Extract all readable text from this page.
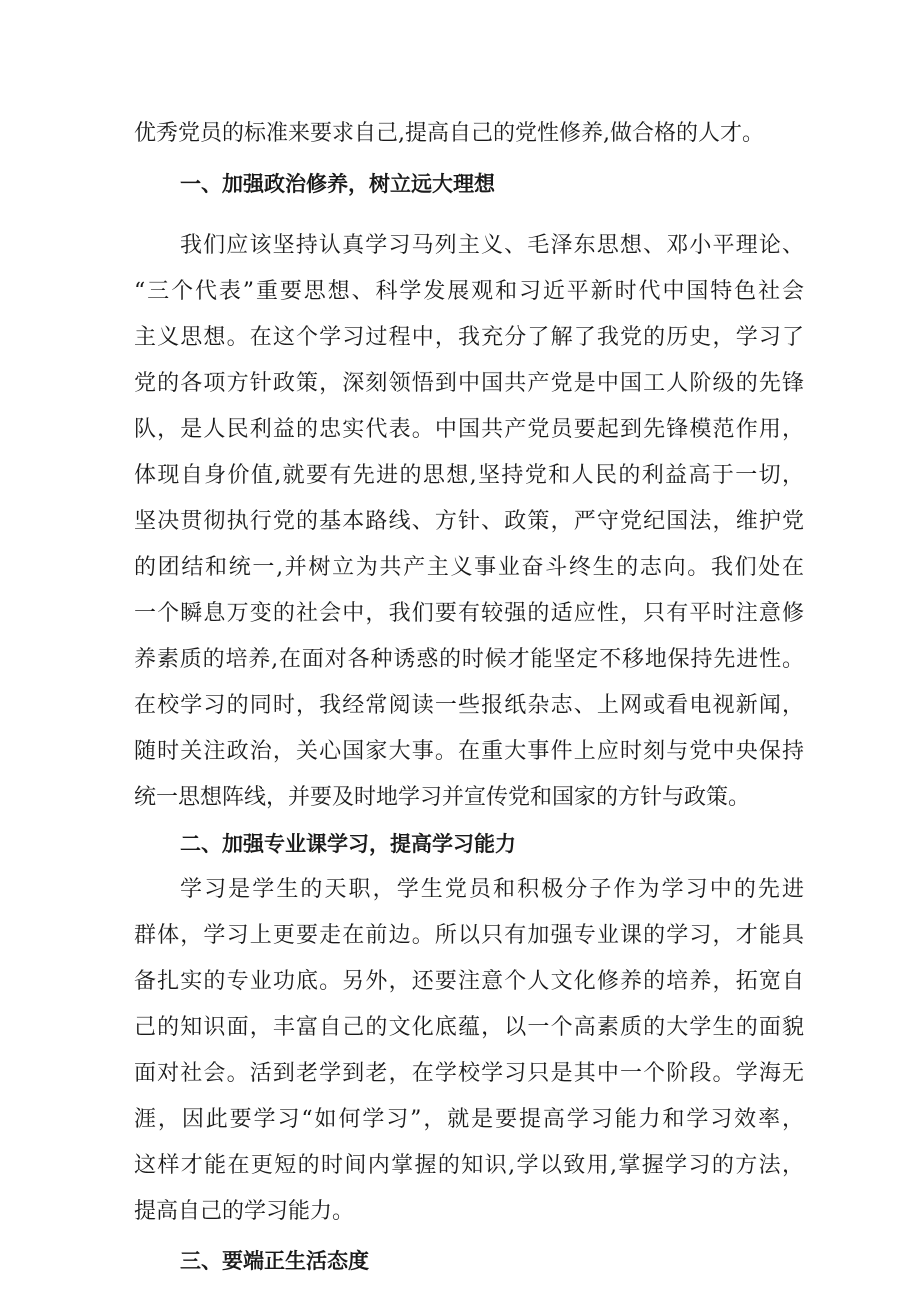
优秀党员的标准来要求自己,提高自己的党性修养,做合格的人才。
一、加强政治修养，树立远大理想
我们应该坚持认真学习马列主义、毛泽东思想、邓小平理论、
“三个代表”重要思想、科学发展观和习近平新时代中国特色社会
主义思想。在这个学习过程中，我充分了解了我党的历史，学习了
党的各项方针政策，深刻领悟到中国共产党是中国工人阶级的先锋
队，是人民利益的忠实代表。中国共产党员要起到先锋模范作用，
体现自身价值,就要有先进的思想,坚持党和人民的利益高于一切，
坚决贯彻执行党的基本路线、方针、政策，严守党纪国法，维护党
的团结和统一,并树立为共产主义事业奋斗终生的志向。我们处在
一个瞬息万变的社会中，我们要有较强的适应性，只有平时注意修
养素质的培养,在面对各种诱惑的时候才能坚定不移地保持先进性。
在校学习的同时，我经常阅读一些报纸杂志、上网或看电视新闻，
随时关注政治，关心国家大事。在重大事件上应时刻与党中央保持
统一思想阵线，并要及时地学习并宣传党和国家的方针与政策。
二、加强专业课学习，提高学习能力
学习是学生的天职，学生党员和积极分子作为学习中的先进
群体，学习上更要走在前边。所以只有加强专业课的学习，才能具
备扎实的专业功底。另外，还要注意个人文化修养的培养，拓宽自
己的知识面，丰富自己的文化底蕴，以一个高素质的大学生的面貌
面对社会。活到老学到老，在学校学习只是其中一个阶段。学海无
涯，因此要学习“如何学习”，就是要提高学习能力和学习效率，
这样才能在更短的时间内掌握的知识,学以致用,掌握学习的方法，
提高自己的学习能力。
三、要端正生活态度
